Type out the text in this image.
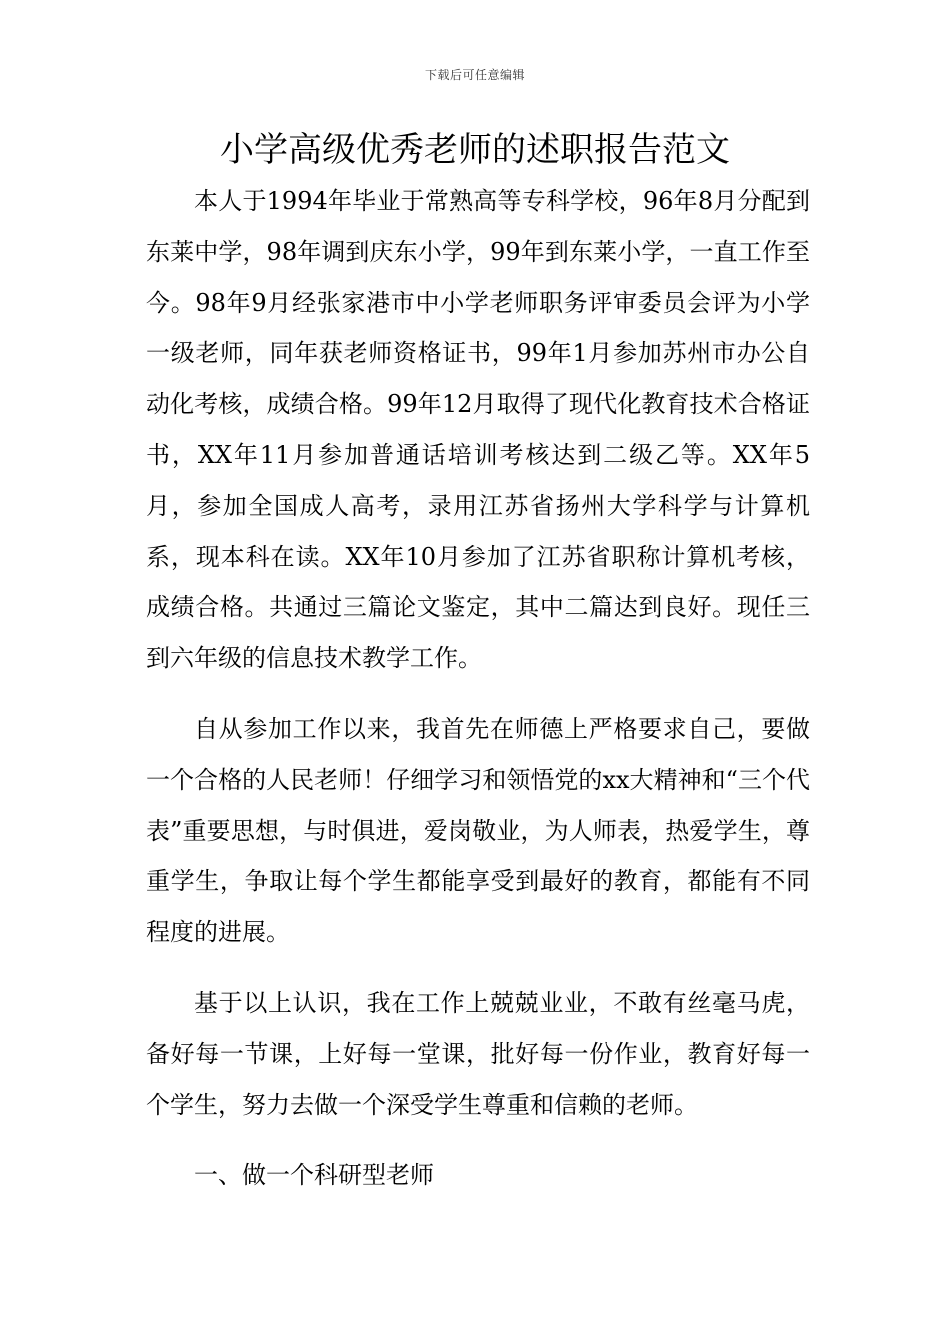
下载后可任意编辑
小学高级优秀老师的述职报告范文

本人于1994年毕业于常熟高等专科学校，96年8月分配到东莱中学，98年调到庆东小学，99年到东莱小学，一直工作至今。98年9月经张家港市中小学老师职务评审委员会评为小学一级老师，同年获老师资格证书，99年1月参加苏州市办公自动化考核，成绩合格。99年12月取得了现代化教育技术合格证书，XX年11月参加普通话培训考核达到二级乙等。XX年5月，参加全国成人高考，录用江苏省扬州大学科学与计算机系，现本科在读。XX年10月参加了江苏省职称计算机考核，成绩合格。共通过三篇论文鉴定，其中二篇达到良好。现任三到六年级的信息技术教学工作。

自从参加工作以来，我首先在师德上严格要求自己，要做一个合格的人民老师！仔细学习和领悟党的xx大精神和“三个代表”重要思想，与时俱进，爱岗敬业，为人师表，热爱学生，尊重学生，争取让每个学生都能享受到最好的教育，都能有不同程度的进展。

基于以上认识，我在工作上兢兢业业，不敢有丝毫马虎，备好每一节课，上好每一堂课，批好每一份作业，教育好每一个学生，努力去做一个深受学生尊重和信赖的老师。

一、做一个科研型老师
